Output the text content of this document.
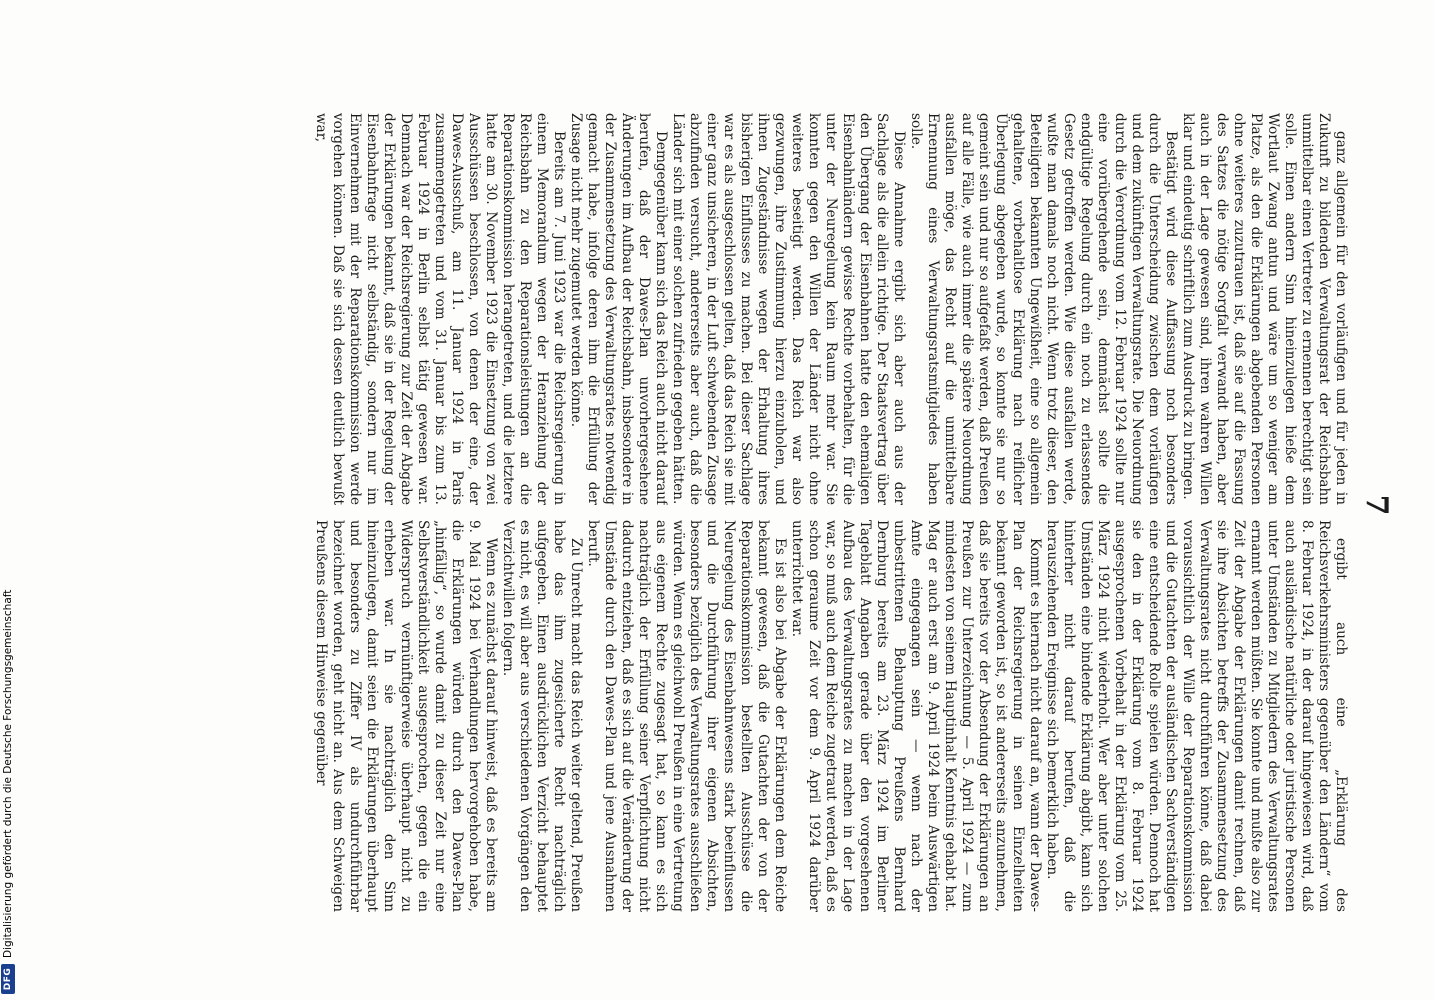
7

ganz allgemein für den vorläufigen und für jeden in Zukunft zu bildenden Verwaltungsrat der Reichsbahn unmittelbar einen Vertreter zu ernennen berechtigt sein solle. Einen andern Sinn hineinzulegen hieße dem Wortlaut Zwang antun und wäre um so weniger am Platze, als den die Erklärungen abgebenden Personen ohne weiteres zuzutrauen ist, daß sie auf die Fassung des Satzes die nötige Sorgfalt verwandt haben, aber auch in der Lage gewesen sind, ihren wahren Willen klar und eindeutig schriftlich zum Ausdruck zu bringen.

Bestätigt wird diese Auffassung noch besonders durch die Unterscheidung zwischen dem vorläufigen und dem zukünftigen Verwaltungsrate. Die Neuordnung durch die Verordnung vom 12. Februar 1924 sollte nur eine vorübergehende sein, demnächst sollte die endgültige Regelung durch ein noch zu erlassendes Gesetz getroffen werden. Wie diese ausfallen werde, wußte man damals noch nicht. Wenn trotz dieser, den Beteiligten bekannten Ungewißheit, eine so allgemein gehaltene, vorbehaltlose Erklärung nach reiflicher Überlegung abgegeben wurde, so konnte sie nur so gemeint sein und nur so aufgefaßt werden, daß Preußen auf alle Fälle, wie auch immer die spätere Neuordnung ausfallen möge, das Recht auf die unmittelbare Ernennung eines Verwaltungsratsmitgliedes haben solle.

Diese Annahme ergibt sich aber auch aus der Sachlage als die allein richtige. Der Staatsvertrag über den Übergang der Eisenbahnen hatte den ehemaligen Eisenbahnländern gewisse Rechte vorbehalten, für die unter der Neuregelung kein Raum mehr war. Sie konnten gegen den Willen der Länder nicht ohne weiteres beseitigt werden. Das Reich war also gezwungen, ihre Zustimmung hierzu einzuholen, und ihnen Zugeständnisse wegen der Erhaltung ihres bisherigen Einflusses zu machen. Bei dieser Sachlage war es als ausgeschlossen gelten, daß das Reich sie mit einer ganz unsicheren, in der Luft schwebenden Zusage abzufinden versucht, andererseits aber auch, daß die Länder sich mit einer solchen zufrieden gegeben hätten.

Demgegenüber kann sich das Reich auch nicht darauf berufen, daß der Dawes-Plan unvorhergesehene Änderungen im Aufbau der Reichsbahn, insbesondere in der Zusammensetzung des Verwaltungsrates notwendig gemacht habe, infolge deren ihm die Erfüllung der Zusage nicht mehr zugemutet werden könne.

Bereits am 7. Juni 1923 war die Reichsregierung in einem Memorandum wegen der Heranziehung der Reichsbahn zu den Reparationsleistungen an die Reparationskommission herangetreten, und die letztere hatte am 30. November 1923 die Einsetzung von zwei Ausschüssen beschlossen, von denen der eine, der Dawes-Ausschuß, am 11. Januar 1924 in Paris zusammengetreten und vom 31. Januar bis zum 13. Februar 1924 in Berlin selbst tätig gewesen war. Demnach war der Reichsregierung zur Zeit der Abgabe der Erklärungen bekannt, daß sie in der Regelung der Eisenbahnfrage nicht selbständig, sondern nur im Einvernehmen mit der Reparationskommission werde vorgehen können. Daß sie sich dessen deutlich bewußt war,

ergibt auch eine „Erklärung des Reichsverkehrsministers gegenüber den Ländern“ vom 8. Februar 1924, in der darauf hingewiesen wird, daß auch ausländische natürliche oder juristische Personen unter Umständen zu Mitgliedern des Verwaltungsrates ernannt werden müßten. Sie konnte und mußte also zur Zeit der Abgabe der Erklärungen damit rechnen, daß sie ihre Absichten betreffs der Zusammensetzung des Verwaltungsrates nicht durchführen könne, daß dabei voraussichtlich der Wille der Reparationskommission und die Gutachten der ausländischen Sachverständigen eine entscheidende Rolle spielen würden. Dennoch hat sie den in der Erklärung vom 8. Februar 1924 ausgesprochenen Vorbehalt in der Erklärung vom 25. März 1924 nicht wiederholt. Wer aber unter solchen Umständen eine bindende Erklärung abgibt, kann sich hinterher nicht darauf berufen, daß die herausziehenden Ereignisse sich bemerklich haben.

Kommt es hiernach nicht darauf an, wann der Dawes-Plan der Reichsregierung in seinen Einzelheiten bekannt geworden ist, so ist andererseits anzunehmen, daß sie bereits vor der Absendung der Erklärungen an Preußen zur Unterzeichnung — 5. April 1924 — zum mindesten von seinem Hauptinhalt Kenntnis gehabt hat. Mag er auch erst am 9. April 1924 beim Auswärtigen Amte eingegangen sein — wenn nach der unbestrittenen Behauptung Preußens Bernhard Dernburg bereits am 23. März 1924 im Berliner Tageblatt Angaben gerade über den vorgesehenen Aufbau des Verwaltungsrates zu machen in der Lage war, so muß auch dem Reiche zugetraut werden, daß es schon geraume Zeit vor dem 9. April 1924 darüber unterrichtet war.

Es ist also bei Abgabe der Erklärungen dem Reiche bekannt gewesen, daß die Gutachten der von der Reparationskommission bestellten Ausschüsse die Neuregelung des Eisenbahnwesens stark beeinflussen und die Durchführung ihrer eigenen Absichten, besonders bezüglich des Verwaltungsrates ausschließen würden. Wenn es gleichwohl Preußen in eine Vertretung aus eigenem Rechte zugesagt hat, so kann es sich nachträglich der Erfüllung seiner Verpflichtung nicht dadurch entziehen, daß es sich auf die Veränderung der Umstände durch den Dawes-Plan und jene Ausnahmen beruft.

Zu Unrecht macht das Reich weiter geltend, Preußen habe das ihm zugesicherte Recht nachträglich aufgegeben. Einen ausdrücklichen Verzicht behauptet es nicht, es will aber aus verschiedenen Vorgängen den Verzichtwillen folgern.

Wenn es zunächst darauf hinweist, daß es bereits am 9. Mai 1924 bei Verhandlungen hervorgehoben habe, die Erklärungen würden durch den Dawes-Plan „hinfällig“, so wurde damit zu dieser Zeit nur eine Selbstverständlichkeit ausgesprochen, gegen die ein Widerspruch vernünftigerweise überhaupt nicht zu erheben war. In sie nachträglich den Sinn hineinzulegen, damit seien die Erklärungen überhaupt und besonders zu Ziffer IV als undurchführbar bezeichnet worden, geht nicht an. Aus dem Schweigen Preußens diesem Hinweise gegenüber

DFG
Digitalisierung gefördert durch die Deutsche Forschungsgemeinschaft
